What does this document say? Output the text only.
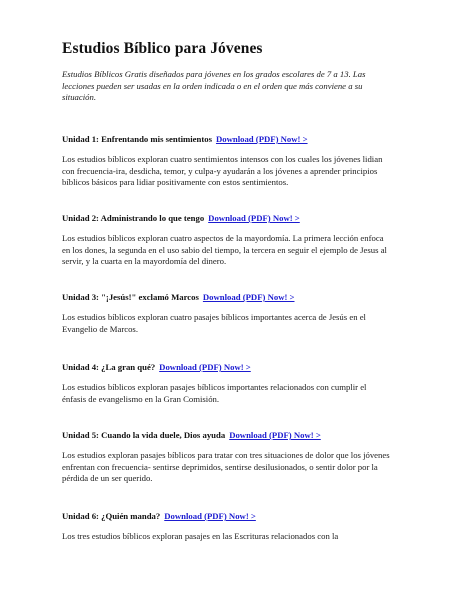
Estudios Bíblico para Jóvenes

Estudios Bíblicos Gratis diseñados para jóvenes en los grados escolares de 7 a 13. Las lecciones pueden ser usadas en la orden indicada o en el orden que más conviene a su situación.

Unidad 1: Enfrentando mis sentimientos Download (PDF) Now! >

Los estudios bíblicos exploran cuatro sentimientos intensos con los cuales los jóvenes lidian con frecuencia-ira, desdicha, temor, y culpa-y ayudarán a los jóvenes a aprender principios bíblicos básicos para lidiar positivamente con estos sentimientos.

Unidad 2: Administrando lo que tengo Download (PDF) Now! >

Los estudios bíblicos exploran cuatro aspectos de la mayordomía. La primera lección enfoca en los dones, la segunda en el uso sabio del tiempo, la tercera en seguir el ejemplo de Jesus al servir, y la cuarta en la mayordomía del dinero.

Unidad 3: "¡Jesús!" exclamó Marcos Download (PDF) Now! >

Los estudios bíblicos exploran cuatro pasajes bíblicos importantes acerca de Jesús en el Evangelio de Marcos.

Unidad 4: ¿La gran qué? Download (PDF) Now! >

Los estudios bíblicos exploran pasajes bíblicos importantes relacionados con cumplir el énfasis de evangelismo en la Gran Comisión.

Unidad 5: Cuando la vida duele, Dios ayuda Download (PDF) Now! >

Los estudios exploran pasajes bíblicos para tratar con tres situaciones de dolor que los jóvenes enfrentan con frecuencia- sentirse deprimidos, sentirse desilusionados, o sentir dolor por la pérdida de un ser querido.

Unidad 6: ¿Quién manda? Download (PDF) Now! >

Los tres estudios bíblicos exploran pasajes en las Escrituras relacionados con la
